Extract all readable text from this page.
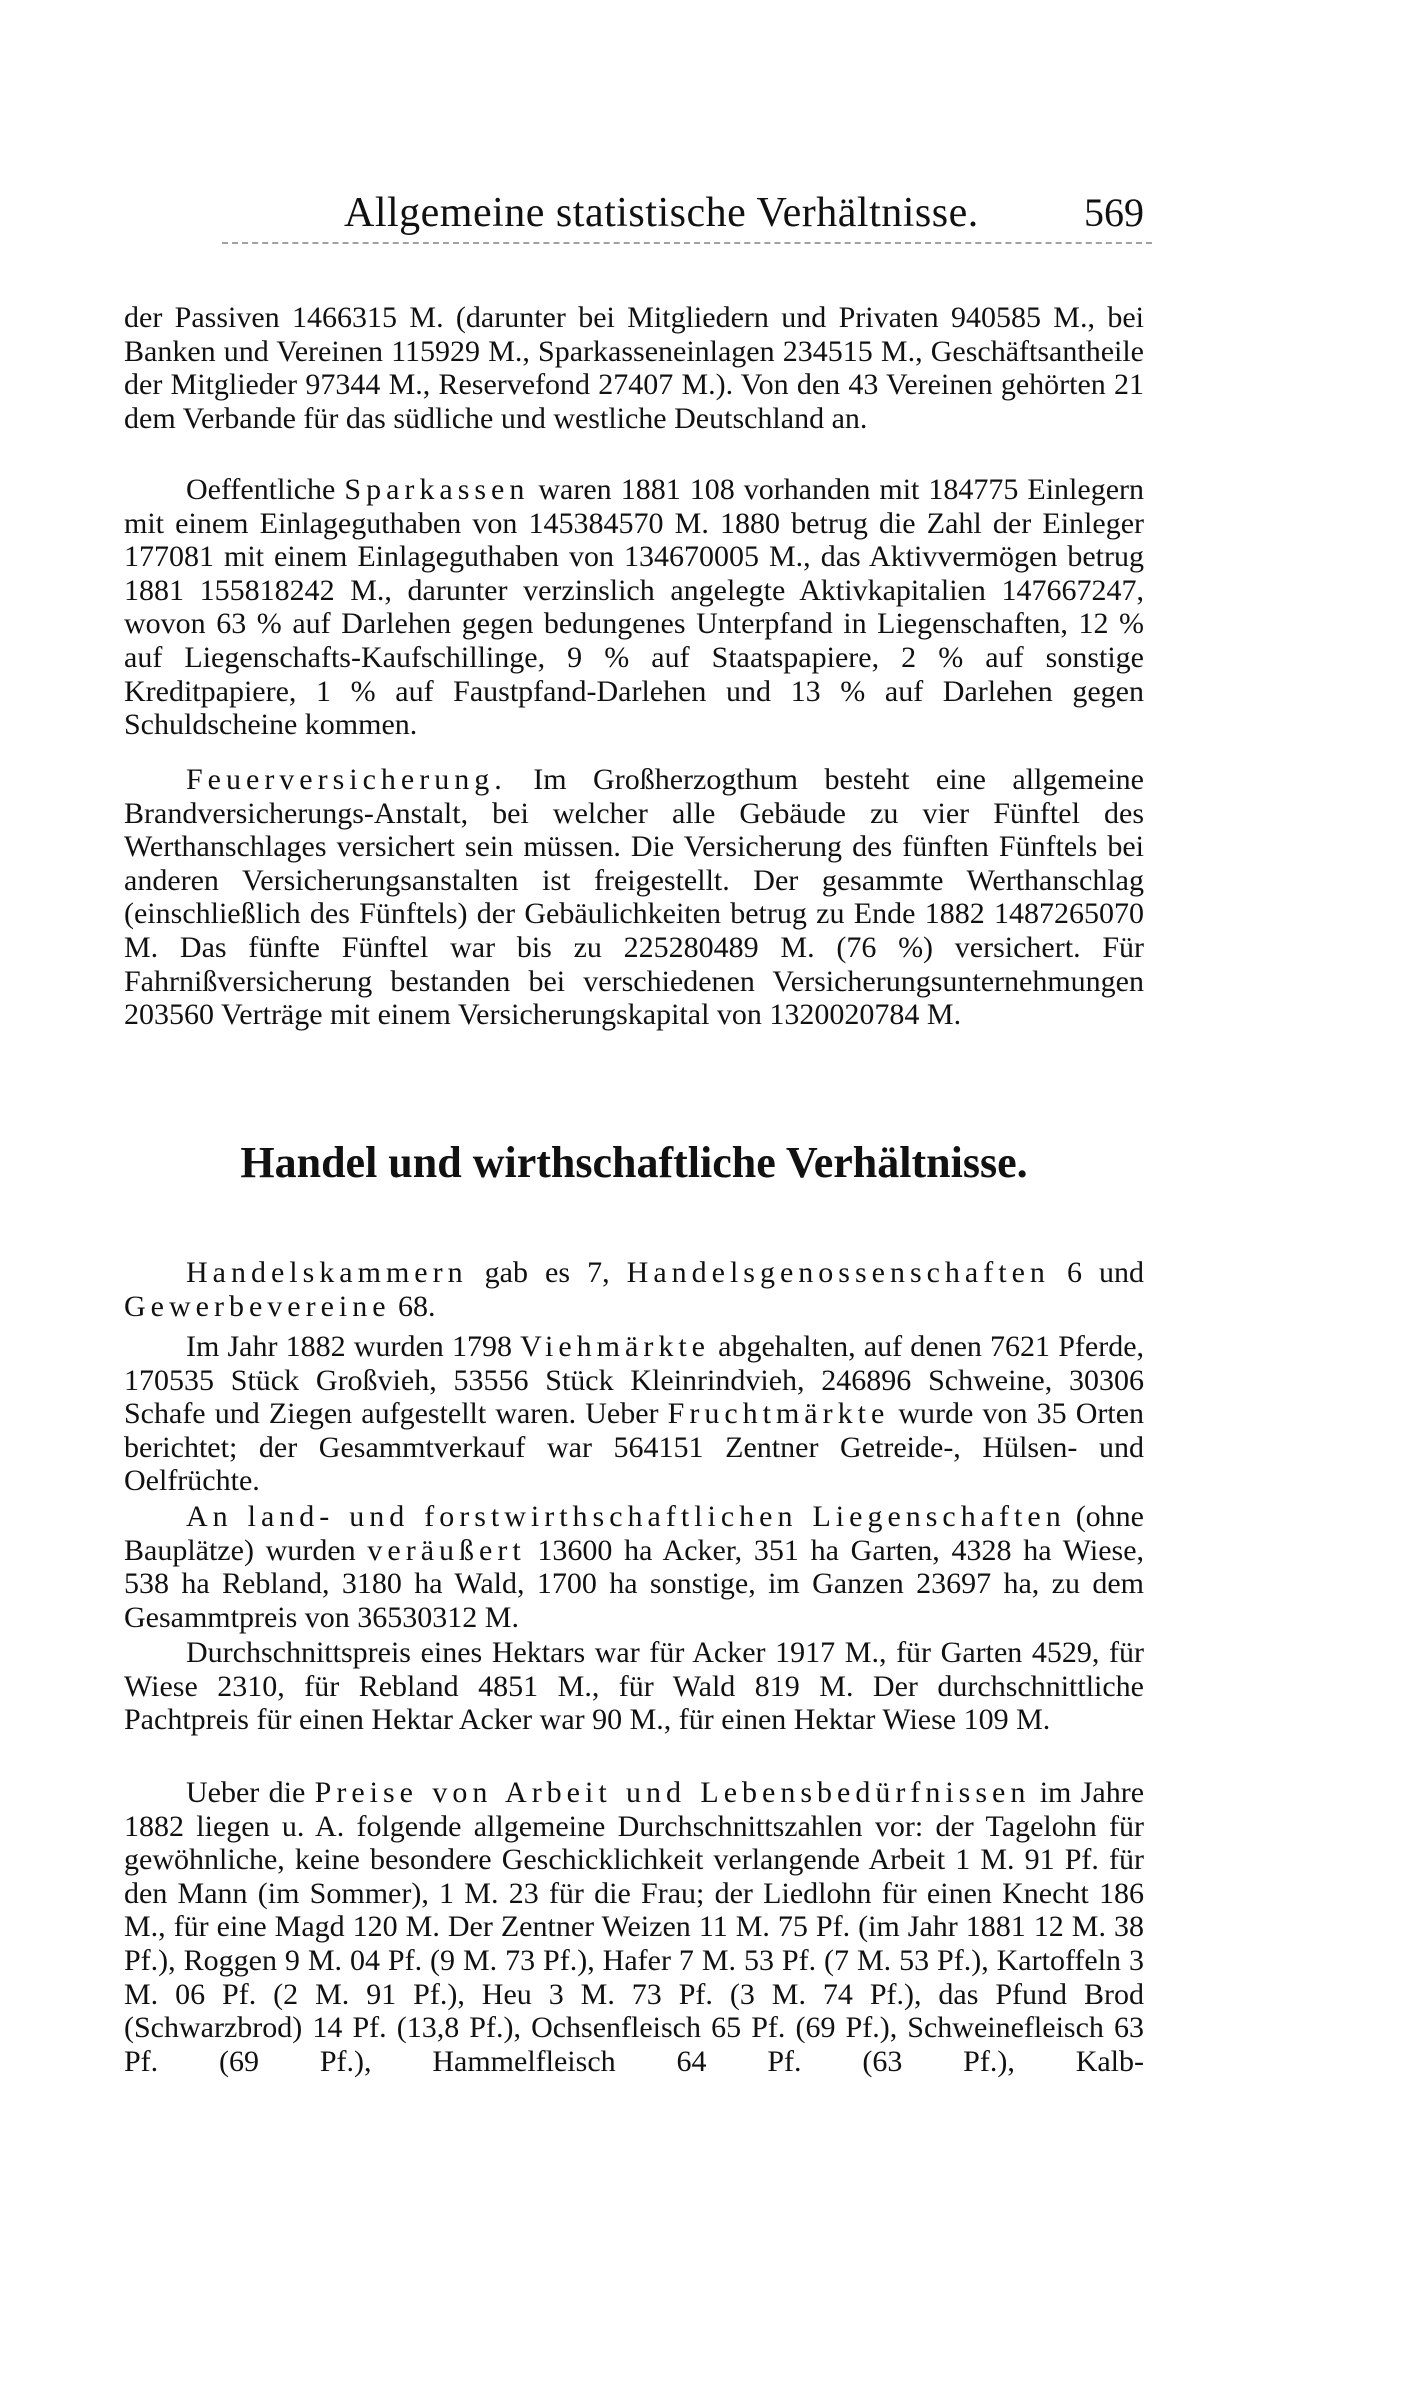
Allgemeine statistische Verhältnisse.	569

der Passiven 1466315 M. (darunter bei Mitgliedern und Privaten 940585 M., bei Banken und Vereinen 115929 M., Sparkasseneinlagen 234515 M., Geschäftsantheile der Mitglieder 97344 M., Reservefond 27407 M.). Von den 43 Vereinen gehörten 21 dem Verbande für das südliche und westliche Deutschland an.

Oeffentliche Sparkassen waren 1881 108 vorhanden mit 184775 Einlegern mit einem Einlageguthaben von 145384570 M. 1880 betrug die Zahl der Einleger 177081 mit einem Einlageguthaben von 134670005 M., das Aktivvermögen betrug 1881 155818242 M., darunter verzinslich angelegte Aktivkapitalien 147667247, wovon 63 % auf Darlehen gegen bedungenes Unterpfand in Liegenschaften, 12 % auf Liegenschafts-Kaufschillinge, 9 % auf Staatspapiere, 2 % auf sonstige Kreditpapiere, 1 % auf Faustpfand-Darlehen und 13 % auf Darlehen gegen Schuldscheine kommen.

Feuerversicherung. Im Großherzogthum besteht eine allgemeine Brandversicherungs-Anstalt, bei welcher alle Gebäude zu vier Fünftel des Werthanschlages versichert sein müssen. Die Versicherung des fünften Fünftels bei anderen Versicherungsanstalten ist freigestellt. Der gesammte Werthanschlag (einschließlich des Fünftels) der Gebäulichkeiten betrug zu Ende 1882 1487265070 M. Das fünfte Fünftel war bis zu 225280489 M. (76 %) versichert. Für Fahrnißversicherung bestanden bei verschiedenen Versicherungsunternehmungen 203560 Verträge mit einem Versicherungskapital von 1320020784 M.

Handel und wirthschaftliche Verhältnisse.

Handelskammern gab es 7, Handelsgenossenschaften 6 und Gewerbevereine 68.

Im Jahr 1882 wurden 1798 Viehmärkte abgehalten, auf denen 7621 Pferde, 170535 Stück Großvieh, 53556 Stück Kleinrindvieh, 246896 Schweine, 30306 Schafe und Ziegen aufgestellt waren. Ueber Fruchtmärkte wurde von 35 Orten berichtet; der Gesammtverkauf war 564151 Zentner Getreide-, Hülsen- und Oelfrüchte.

An land- und forstwirthschaftlichen Liegenschaften (ohne Bauplätze) wurden veräußert 13600 ha Acker, 351 ha Garten, 4328 ha Wiese, 538 ha Rebland, 3180 ha Wald, 1700 ha sonstige, im Ganzen 23697 ha, zu dem Gesammtpreis von 36530312 M.

Durchschnittspreis eines Hektars war für Acker 1917 M., für Garten 4529, für Wiese 2310, für Rebland 4851 M., für Wald 819 M. Der durchschnittliche Pachtpreis für einen Hektar Acker war 90 M., für einen Hektar Wiese 109 M.

Ueber die Preise von Arbeit und Lebensbedürfnissen im Jahre 1882 liegen u. A. folgende allgemeine Durchschnittszahlen vor: der Tagelohn für gewöhnliche, keine besondere Geschicklichkeit verlangende Arbeit 1 M. 91 Pf. für den Mann (im Sommer), 1 M. 23 für die Frau; der Liedlohn für einen Knecht 186 M., für eine Magd 120 M. Der Zentner Weizen 11 M. 75 Pf. (im Jahr 1881 12 M. 38 Pf.), Roggen 9 M. 04 Pf. (9 M. 73 Pf.), Hafer 7 M. 53 Pf. (7 M. 53 Pf.), Kartoffeln 3 M. 06 Pf. (2 M. 91 Pf.), Heu 3 M. 73 Pf. (3 M. 74 Pf.), das Pfund Brod (Schwarzbrod) 14 Pf. (13,8 Pf.), Ochsenfleisch 65 Pf. (69 Pf.), Schweinefleisch 63 Pf. (69 Pf.), Hammelfleisch 64 Pf. (63 Pf.), Kalb-
